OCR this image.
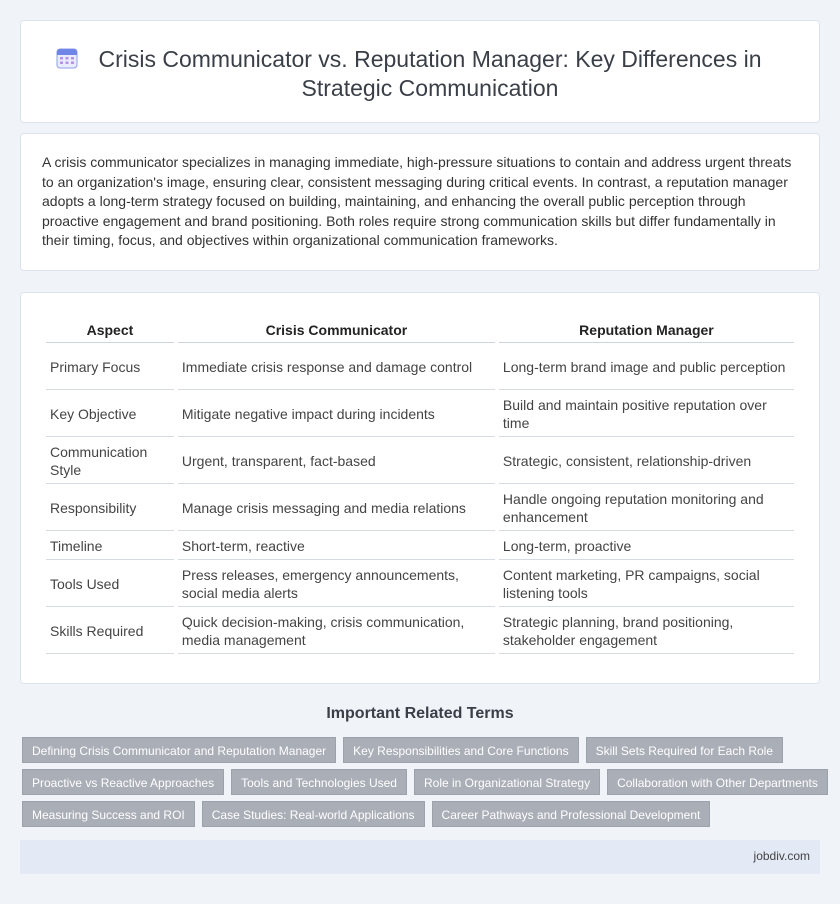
Crisis Communicator vs. Reputation Manager: Key Differences in Strategic Communication

A crisis communicator specializes in managing immediate, high-pressure situations to contain and address urgent threats to an organization's image, ensuring clear, consistent messaging during critical events. In contrast, a reputation manager adopts a long-term strategy focused on building, maintaining, and enhancing the overall public perception through proactive engagement and brand positioning. Both roles require strong communication skills but differ fundamentally in their timing, focus, and objectives within organizational communication frameworks.

Aspect	Crisis Communicator	Reputation Manager
Primary Focus	Immediate crisis response and damage control	Long-term brand image and public perception
Key Objective	Mitigate negative impact during incidents	Build and maintain positive reputation over time
Communication Style	Urgent, transparent, fact-based	Strategic, consistent, relationship-driven
Responsibility	Manage crisis messaging and media relations	Handle ongoing reputation monitoring and enhancement
Timeline	Short-term, reactive	Long-term, proactive
Tools Used	Press releases, emergency announcements, social media alerts	Content marketing, PR campaigns, social listening tools
Skills Required	Quick decision-making, crisis communication, media management	Strategic planning, brand positioning, stakeholder engagement
Important Related Terms
Defining Crisis Communicator and Reputation Manager	Key Responsibilities and Core Functions	Skill Sets Required for Each Role
Proactive vs Reactive Approaches	Tools and Technologies Used	Role in Organizational Strategy	Collaboration with Other Departments
Measuring Success and ROI	Case Studies: Real-world Applications	Career Pathways and Professional Development
jobdiv.com
